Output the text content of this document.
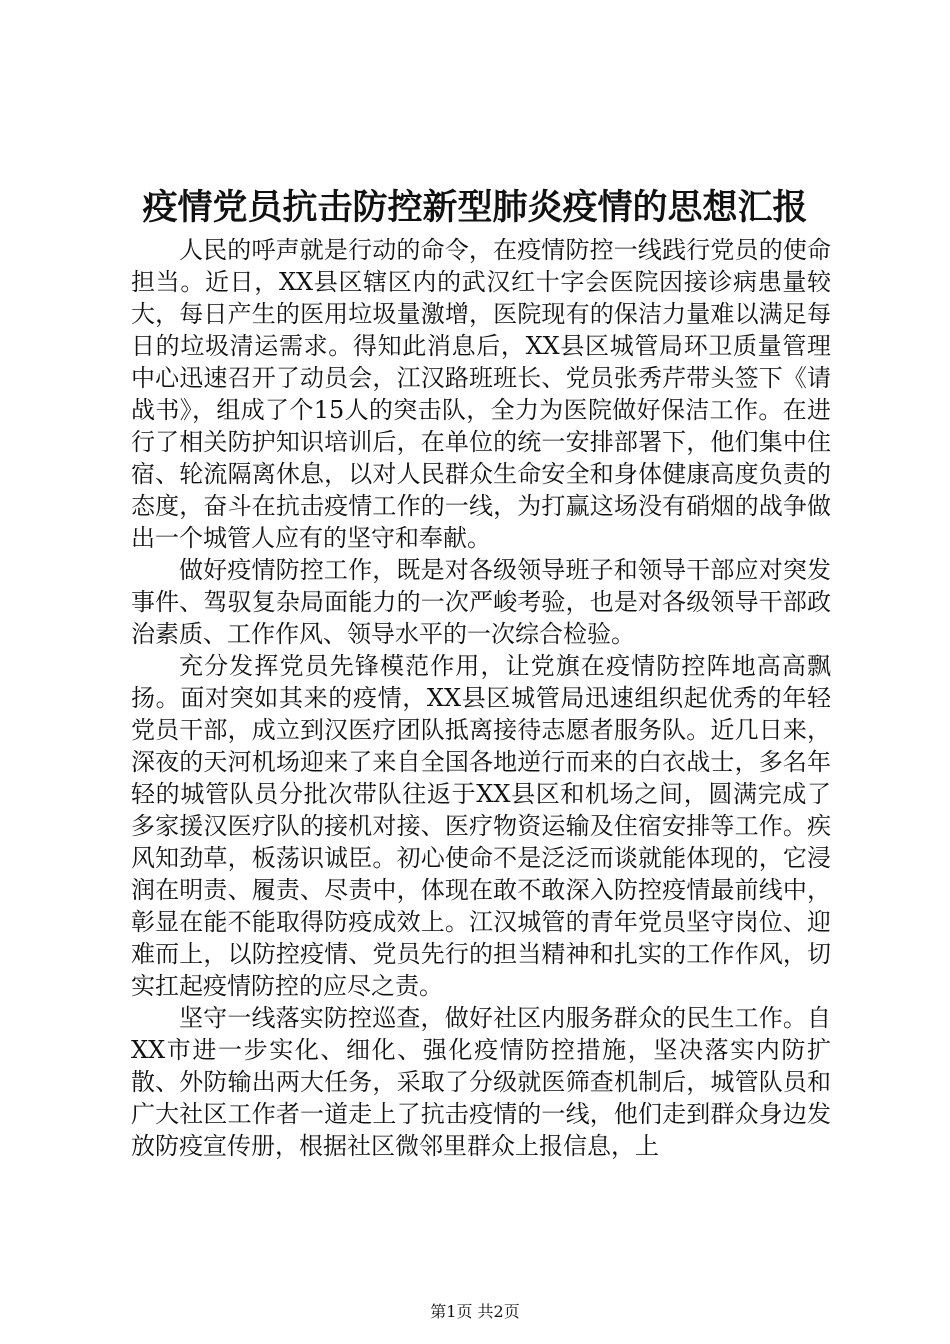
疫情党员抗击防控新型肺炎疫情的思想汇报

人民的呼声就是行动的命令，在疫情防控一线践行党员的使命担当。近日，XX县区辖区内的武汉红十字会医院因接诊病患量较大，每日产生的医用垃圾量激增，医院现有的保洁力量难以满足每日的垃圾清运需求。得知此消息后，XX县区城管局环卫质量管理中心迅速召开了动员会，江汉路班班长、党员张秀芹带头签下《请战书》，组成了个15人的突击队，全力为医院做好保洁工作。在进行了相关防护知识培训后，在单位的统一安排部署下，他们集中住宿、轮流隔离休息，以对人民群众生命安全和身体健康高度负责的态度，奋斗在抗击疫情工作的一线，为打赢这场没有硝烟的战争做出一个城管人应有的坚守和奉献。

做好疫情防控工作，既是对各级领导班子和领导干部应对突发事件、驾驭复杂局面能力的一次严峻考验，也是对各级领导干部政治素质、工作作风、领导水平的一次综合检验。

充分发挥党员先锋模范作用，让党旗在疫情防控阵地高高飘扬。面对突如其来的疫情，XX县区城管局迅速组织起优秀的年轻党员干部，成立到汉医疗团队抵离接待志愿者服务队。近几日来，深夜的天河机场迎来了来自全国各地逆行而来的白衣战士，多名年轻的城管队员分批次带队往返于XX县区和机场之间，圆满完成了多家援汉医疗队的接机对接、医疗物资运输及住宿安排等工作。疾风知劲草，板荡识诚臣。初心使命不是泛泛而谈就能体现的，它浸润在明责、履责、尽责中，体现在敢不敢深入防控疫情最前线中，彰显在能不能取得防疫成效上。江汉城管的青年党员坚守岗位、迎难而上，以防控疫情、党员先行的担当精神和扎实的工作作风，切实扛起疫情防控的应尽之责。

坚守一线落实防控巡查，做好社区内服务群众的民生工作。自XX市进一步实化、细化、强化疫情防控措施，坚决落实内防扩散、外防输出两大任务，采取了分级就医筛查机制后，城管队员和广大社区工作者一道走上了抗击疫情的一线，他们走到群众身边发放防疫宣传册，根据社区微邻里群众上报信息，上

第1页 共2页
